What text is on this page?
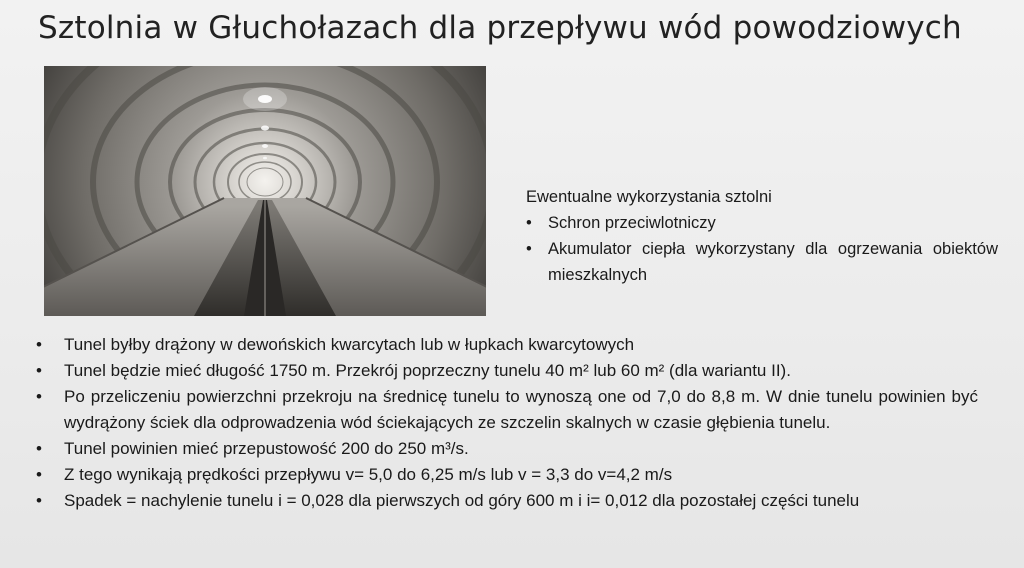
Sztolnia w Głuchołazach dla przepływu wód powodziowych
Ewentualne wykorzystania sztolni
• Schron przeciwlotniczy
• Akumulator ciepła wykorzystany dla ogrzewania obiektów mieszkalnych
• Tunel byłby drążony w dewońskich kwarcytach lub w łupkach kwarcytowych
• Tunel będzie mieć długość 1750 m. Przekrój poprzeczny tunelu 40 m² lub 60 m² (dla wariantu II).
• Po przeliczeniu powierzchni przekroju na średnicę tunelu to wynoszą one od 7,0 do 8,8 m. W dnie tunelu powinien być wydrążony ściek dla odprowadzenia wód ściekających ze szczelin skalnych w czasie głębienia tunelu.
• Tunel powinien mieć przepustowość 200 do 250 m³/s.
• Z tego wynikają prędkości przepływu v= 5,0 do 6,25 m/s lub v = 3,3 do v=4,2 m/s
• Spadek = nachylenie tunelu i = 0,028 dla pierwszych od góry 600 m i i= 0,012 dla pozostałej części tunelu
